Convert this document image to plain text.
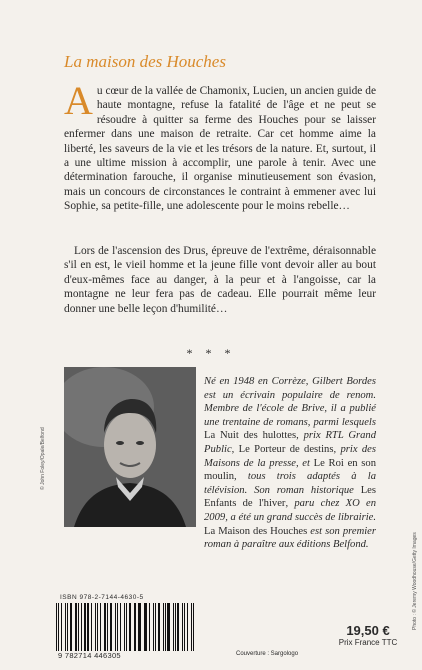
La maison des Houches
Au cœur de la vallée de Chamonix, Lucien, un ancien guide de haute montagne, refuse la fatalité de l'âge et ne peut se résoudre à quitter sa ferme des Houches pour se laisser enfermer dans une maison de retraite. Car cet homme aime la liberté, les saveurs de la vie et les trésors de la nature. Et, surtout, il a une ultime mission à accomplir, une parole à tenir. Avec une détermination farouche, il organise minutieusement son évasion, mais un concours de circonstances le contraint à emmener avec lui Sophie, sa petite-fille, une adolescente pour le moins rebelle…
Lors de l'ascension des Drus, épreuve de l'extrême, déraisonnable s'il en est, le vieil homme et la jeune fille vont devoir aller au bout d'eux-mêmes face au danger, à la peur et à l'angoisse, car la montagne ne leur fera pas de cadeau. Elle pourrait même leur donner une belle leçon d'humilité…
* * *
© John Foley/Opale/Belfond
Photo : © Jeremy Woodhouse/Getty Images
Né en 1948 en Corrèze, Gilbert Bordes est un écrivain populaire de renom. Membre de l'école de Brive, il a publié une trentaine de romans, parmi lesquels La Nuit des hulottes, prix RTL Grand Public, Le Porteur de destins, prix des Maisons de la presse, et Le Roi en son moulin, tous trois adaptés à la télévision. Son roman historique Les Enfants de l'hiver, paru chez XO en 2009, a été un grand succès de librairie. La Maison des Houches est son premier roman à paraître aux éditions Belfond.
ISBN 978-2-7144-4630-5
9 782714 446305	Couverture : Sargologo
19,50 €
Prix France TTC
